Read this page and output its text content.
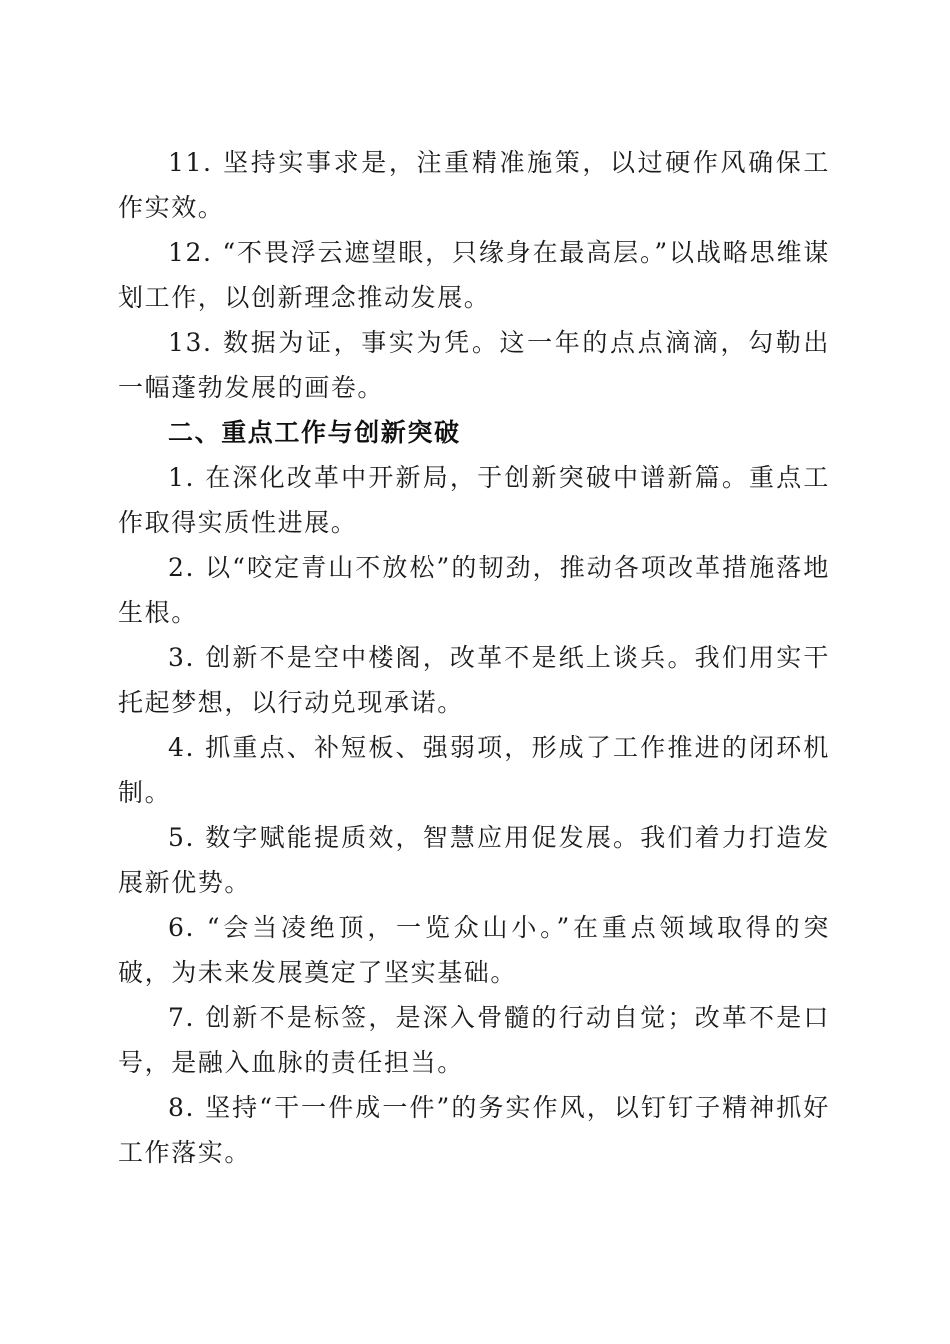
11. 坚持实事求是，注重精准施策，以过硬作风确保工作实效。

12. “不畏浮云遮望眼，只缘身在最高层。”以战略思维谋划工作，以创新理念推动发展。

13. 数据为证，事实为凭。这一年的点点滴滴，勾勒出一幅蓬勃发展的画卷。

二、重点工作与创新突破

1. 在深化改革中开新局，于创新突破中谱新篇。重点工作取得实质性进展。

2. 以“咬定青山不放松”的韧劲，推动各项改革措施落地生根。

3. 创新不是空中楼阁，改革不是纸上谈兵。我们用实干托起梦想，以行动兑现承诺。

4. 抓重点、补短板、强弱项，形成了工作推进的闭环机制。

5. 数字赋能提质效，智慧应用促发展。我们着力打造发展新优势。

6. “会当凌绝顶，一览众山小。”在重点领域取得的突破，为未来发展奠定了坚实基础。

7. 创新不是标签，是深入骨髓的行动自觉；改革不是口号，是融入血脉的责任担当。

8. 坚持“干一件成一件”的务实作风，以钉钉子精神抓好工作落实。
